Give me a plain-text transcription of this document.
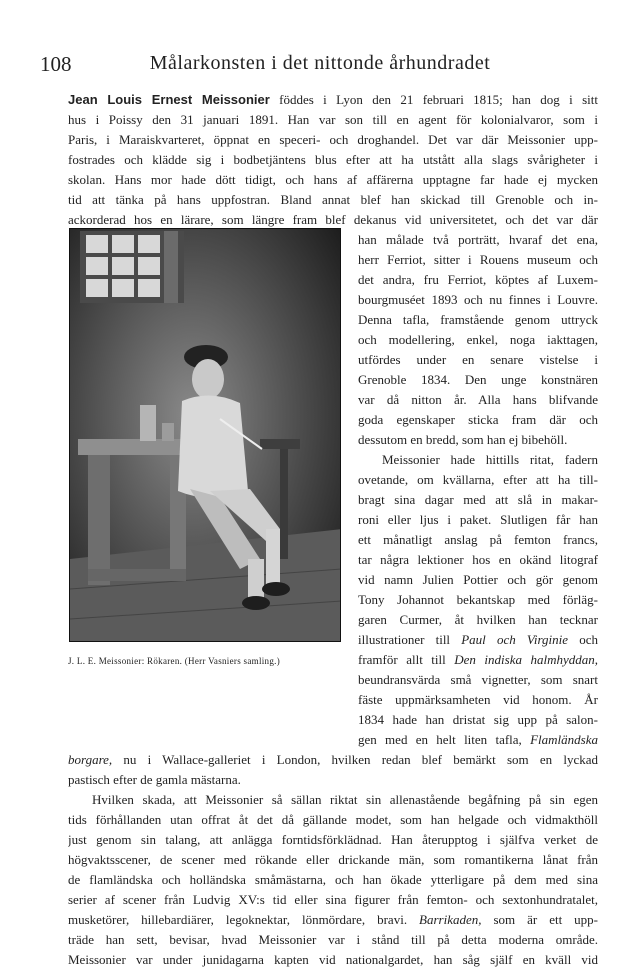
108	Målarkonsten i det nittonde århundradet
Jean Louis Ernest Meissonier föddes i Lyon den 21 februari 1815; han dog i sitt
hus i Poissy den 31 januari 1891. Han var son till en agent för kolonialvaror, som i
Paris, i Maraiskvarteret, öppnat en speceri- och droghandel. Det var där Meissonier upp-
fostrades och klädde sig i bodbetjäntens blus efter att ha utstått alla slags svårigheter i
skolan. Hans mor hade dött tidigt, och hans af affärerna upptagne far hade ej mycken
tid att tänka på hans uppfostran. Bland annat blef han skickad till Grenoble och in-
ackorderad hos en lärare, som längre fram blef dekanus vid universitetet, och det var där
J. L. E. Meissonier: Rökaren. (Herr Vasniers samling.)
han målade två porträtt, hvaraf det ena,
herr Ferriot, sitter i Rouens museum och
det andra, fru Ferriot, köptes af Luxem-
bourgmuséet 1893 och nu finnes i Louvre.
Denna tafla, framstående genom uttryck
och modellering, enkel, noga iakttagen,
utfördes under en senare vistelse i
Grenoble 1834. Den unge konstnären
var då nitton år. Alla hans blifvande
goda egenskaper sticka fram där och
dessutom en bredd, som han ej bibehöll.
Meissonier hade hittills ritat, fadern
ovetande, om kvällarna, efter att ha till-
bragt sina dagar med att slå in makar-
roni eller ljus i paket. Slutligen får han
ett månatligt anslag på femton francs,
tar några lektioner hos en okänd litograf
vid namn Julien Pottier och gör genom
Tony Johannot bekantskap med förläg-
garen Curmer, åt hvilken han tecknar
illustrationer till Paul och Virginie och
framför allt till Den indiska halmhyddan,
beundransvärda små vignetter, som snart
fäste uppmärksamheten vid honom. År
1834 hade han dristat sig upp på salon-
gen med en helt liten tafla, Flamländska
borgare, nu i Wallace-galleriet i London, hvilken redan blef bemärkt som en lyckad
pastisch efter de gamla mästarna.
Hvilken skada, att Meissonier så sällan riktat sin allenastående begåfning på sin egen
tids förhållanden utan offrat åt det då gällande modet, som han helgade och vidmakthöll
just genom sin talang, att anlägga forntidsförklädnad. Han återupptog i själfva verket de
högvaktsscener, de scener med rökande eller drickande män, som romantikerna lånat från
de flamländska och holländska småmästarna, och han ökade ytterligare på dem med sina
serier af scener från Ludvig XV:s tid eller sina figurer från femton- och sextonhundratalet,
musketörer, hillebardiärer, legoknektar, lönmördare, bravi. Barrikaden, som är ett upp-
träde han sett, bevisar, hvad Meissonier var i stånd till på detta moderna område.
Meissonier var under junidagarna kapten vid nationalgardet, han såg själf en kväll vid
